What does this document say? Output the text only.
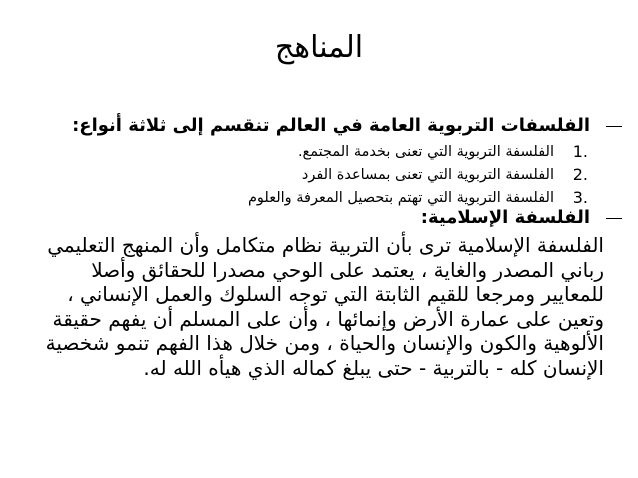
المناهج
الفلسفات التربوية العامة في العالم تنقسم إلى ثلاثة أنواع:
1.
الفلسفة التربوية التي تعنى بخدمة المجتمع.
2.
الفلسفة التربوية التي تعنى بمساعدة الفرد
3.
الفلسفة التربوية التي تهتم بتحصيل المعرفة والعلوم
الفلسفة الإسلامية:
الفلسفة الإسلامية ترى بأن التربية نظام متكامل وأن المنهج التعليمي
رباني المصدر والغاية ، يعتمد على الوحي مصدرا للحقائق وأصلا
للمعايير ومرجعا للقيم الثابتة التي توجه السلوك والعمل الإنساني ،
وتعين على عمارة الأرض وإنمائها ، وأن على المسلم أن يفهم حقيقة
الألوهية والكون والإنسان والحياة ، ومن خلال هذا الفهم تنمو شخصية
الإنسان كله - بالتربية - حتى يبلغ كماله الذي هيأه الله له.
